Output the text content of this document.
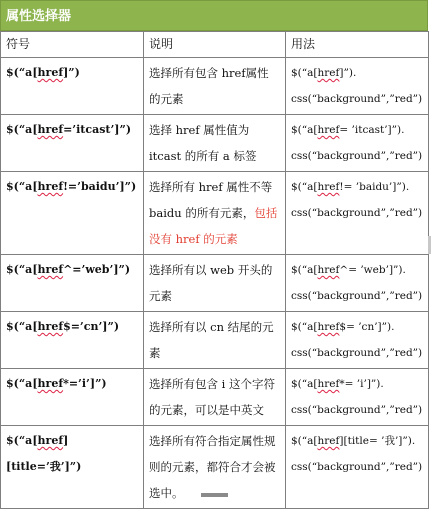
属性选择器
符号	说明	用法
$(“a[href]”)	选择所有包含 href属性的元素	$(“a[href]”).
css(“background”,”red”)
$(“a[href=’itcast’]”)	选择 href 属性值为 itcast 的所有 a 标签	$(“a[href= ’itcast’]”).
css(“background”,”red”)
$(“a[href!=’baidu’]”)	选择所有 href 属性不等 baidu 的所有元素，包括没有 href 的元素	$(“a[href!= ’baidu’]”).
css(“background”,”red”)
$(“a[href^=’web’]”)	选择所有以 web 开头的元素	$(“a[href^= ’web’]”).
css(“background”,”red”)
$(“a[href$=’cn’]”)	选择所有以 cn 结尾的元素	$(“a[href$= ’cn’]”).
css(“background”,”red”)
$(“a[href*=’i’]”)	选择所有包含 i 这个字符的元素，可以是中英文	$(“a[href*= ’i’]”).
css(“background”,”red”)
$(“a[href][title=’我’]”)	选择所有符合指定属性规则的元素，都符合才会被选中。	$(“a[href][title= ’我’]”).
css(“background”,”red”)
